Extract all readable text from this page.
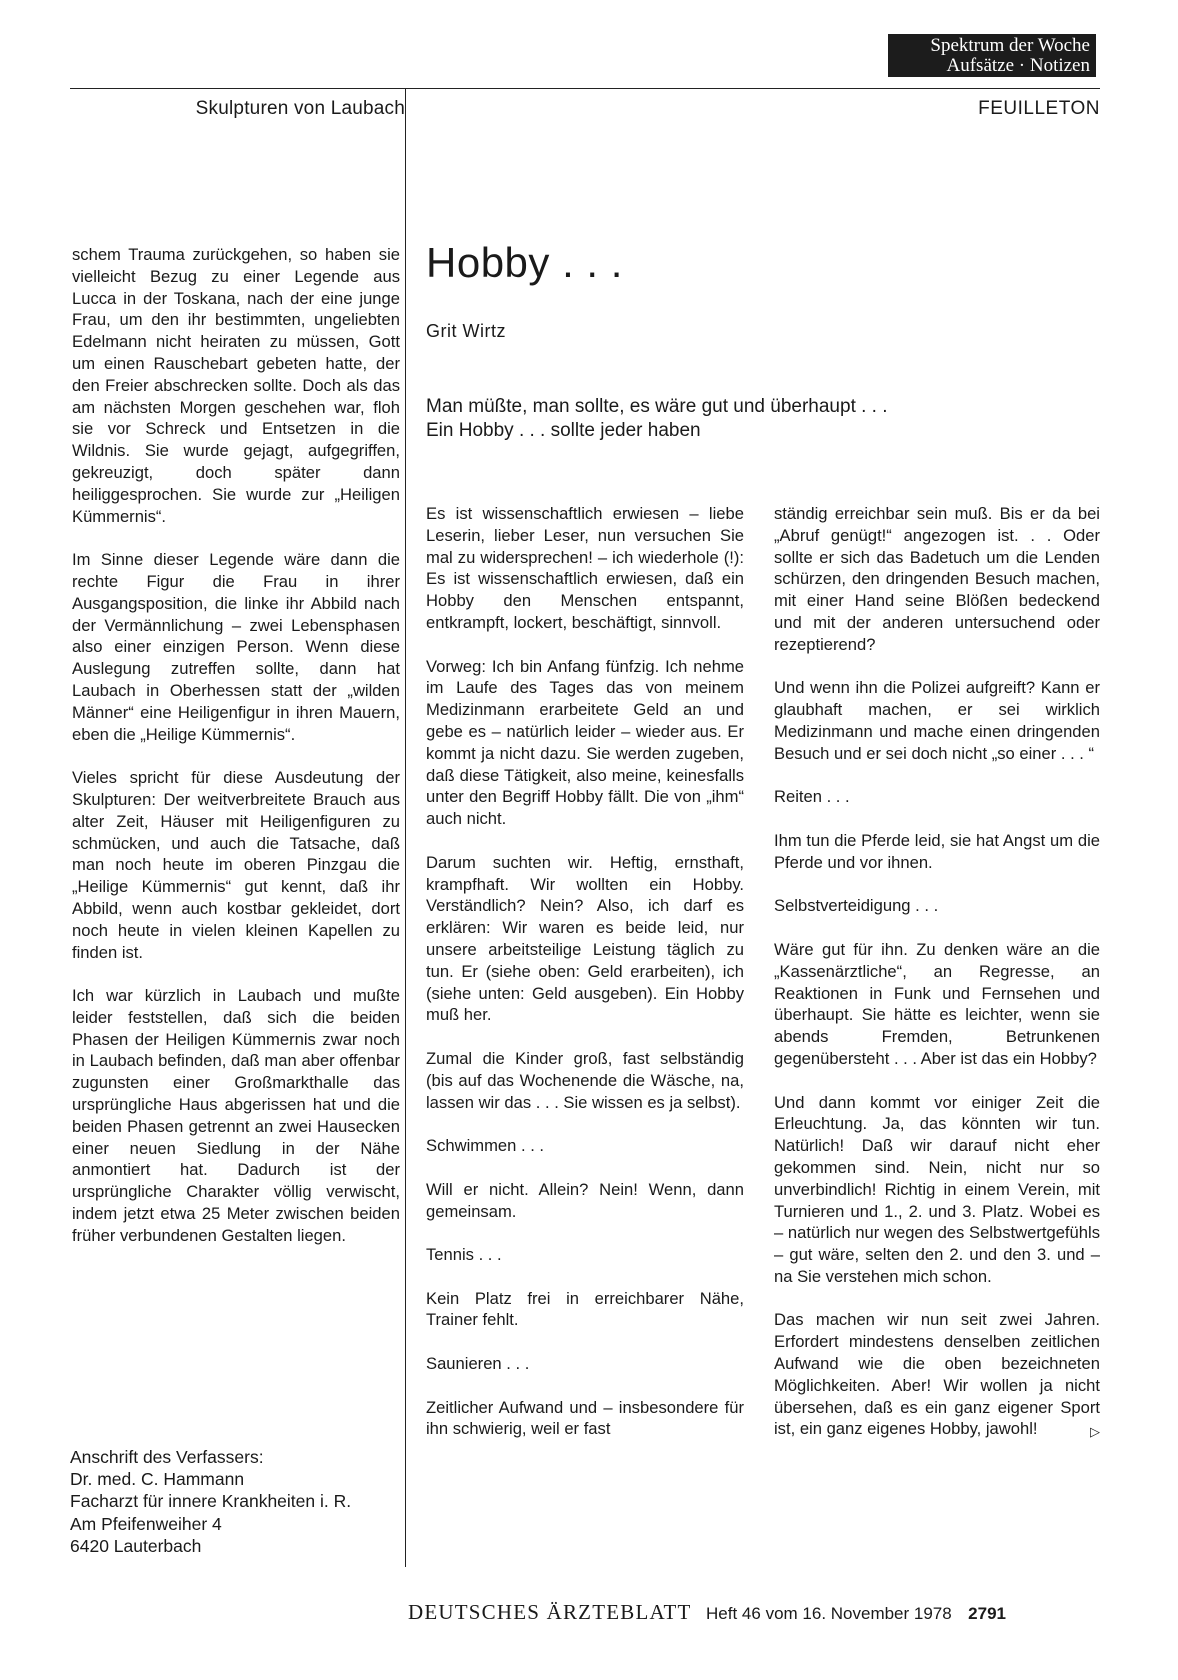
Spektrum der Woche
Aufsätze · Notizen
Skulpturen von Laubach	FEUILLETON

schem Trauma zurückgehen, so haben sie vielleicht Bezug zu einer Legende aus Lucca in der Toskana, nach der eine junge Frau, um den ihr bestimmten, ungeliebten Edelmann nicht heiraten zu müssen, Gott um einen Rauschebart gebeten hatte, der den Freier abschrecken sollte. Doch als das am nächsten Morgen geschehen war, floh sie vor Schreck und Entsetzen in die Wildnis. Sie wurde gejagt, aufgegriffen, gekreuzigt, doch später dann heiliggesprochen. Sie wurde zur „Heiligen Kümmernis“.

Im Sinne dieser Legende wäre dann die rechte Figur die Frau in ihrer Ausgangsposition, die linke ihr Abbild nach der Vermännlichung – zwei Lebensphasen also einer einzigen Person. Wenn diese Auslegung zutreffen sollte, dann hat Laubach in Oberhessen statt der „wilden Männer“ eine Heiligenfigur in ihren Mauern, eben die „Heilige Kümmernis“.

Vieles spricht für diese Ausdeutung der Skulpturen: Der weitverbreitete Brauch aus alter Zeit, Häuser mit Heiligenfiguren zu schmücken, und auch die Tatsache, daß man noch heute im oberen Pinzgau die „Heilige Kümmernis“ gut kennt, daß ihr Abbild, wenn auch kostbar gekleidet, dort noch heute in vielen kleinen Kapellen zu finden ist.

Ich war kürzlich in Laubach und mußte leider feststellen, daß sich die beiden Phasen der Heiligen Kümmernis zwar noch in Laubach befinden, daß man aber offenbar zugunsten einer Großmarkthalle das ursprüngliche Haus abgerissen hat und die beiden Phasen getrennt an zwei Hausecken einer neuen Siedlung in der Nähe anmontiert hat. Dadurch ist der ursprüngliche Charakter völlig verwischt, indem jetzt etwa 25 Meter zwischen beiden früher verbundenen Gestalten liegen.

Anschrift des Verfassers:
Dr. med. C. Hammann
Facharzt für innere Krankheiten i. R.
Am Pfeifenweiher 4
6420 Lauterbach
Hobby . . .
Grit Wirtz
Man müßte, man sollte, es wäre gut und überhaupt . . .
Ein Hobby . . . sollte jeder haben

Es ist wissenschaftlich erwiesen – liebe Leserin, lieber Leser, nun versuchen Sie mal zu widersprechen! – ich wiederhole (!): Es ist wissenschaftlich erwiesen, daß ein Hobby den Menschen entspannt, entkrampft, lockert, beschäftigt, sinnvoll.

Vorweg: Ich bin Anfang fünfzig. Ich nehme im Laufe des Tages das von meinem Medizinmann erarbeitete Geld an und gebe es – natürlich leider – wieder aus. Er kommt ja nicht dazu. Sie werden zugeben, daß diese Tätigkeit, also meine, keinesfalls unter den Begriff Hobby fällt. Die von „ihm“ auch nicht.

Darum suchten wir. Heftig, ernsthaft, krampfhaft. Wir wollten ein Hobby. Verständlich? Nein? Also, ich darf es erklären: Wir waren es beide leid, nur unsere arbeitsteilige Leistung täglich zu tun. Er (siehe oben: Geld erarbeiten), ich (siehe unten: Geld ausgeben). Ein Hobby muß her.

Zumal die Kinder groß, fast selbständig (bis auf das Wochenende die Wäsche, na, lassen wir das . . . Sie wissen es ja selbst).

Schwimmen . . .

Will er nicht. Allein? Nein! Wenn, dann gemeinsam.

Tennis . . .

Kein Platz frei in erreichbarer Nähe, Trainer fehlt.

Saunieren . . .

Zeitlicher Aufwand und – insbesondere für ihn schwierig, weil er fast

ständig erreichbar sein muß. Bis er da bei „Abruf genügt!“ angezogen ist. . . Oder sollte er sich das Badetuch um die Lenden schürzen, den dringenden Besuch machen, mit einer Hand seine Blößen bedeckend und mit der anderen untersuchend oder rezeptierend?

Und wenn ihn die Polizei aufgreift? Kann er glaubhaft machen, er sei wirklich Medizinmann und mache einen dringenden Besuch und er sei doch nicht „so einer . . . “

Reiten . . .

Ihm tun die Pferde leid, sie hat Angst um die Pferde und vor ihnen.

Selbstverteidigung . . .

Wäre gut für ihn. Zu denken wäre an die „Kassenärztliche“, an Regresse, an Reaktionen in Funk und Fernsehen und überhaupt. Sie hätte es leichter, wenn sie abends Fremden, Betrunkenen gegenübersteht . . . Aber ist das ein Hobby?

Und dann kommt vor einiger Zeit die Erleuchtung. Ja, das könnten wir tun. Natürlich! Daß wir darauf nicht eher gekommen sind. Nein, nicht nur so unverbindlich! Richtig in einem Verein, mit Turnieren und 1., 2. und 3. Platz. Wobei es – natürlich nur wegen des Selbstwertgefühls – gut wäre, selten den 2. und den 3. und – na Sie verstehen mich schon.

Das machen wir nun seit zwei Jahren. Erfordert mindestens denselben zeitlichen Aufwand wie die oben bezeichneten Möglichkeiten. Aber! Wir wollen ja nicht übersehen, daß es ein ganz eigener Sport ist, ein ganz eigenes Hobby, jawohl!	▷

DEUTSCHES ÄRZTEBLATT Heft 46 vom 16. November 1978 2791
